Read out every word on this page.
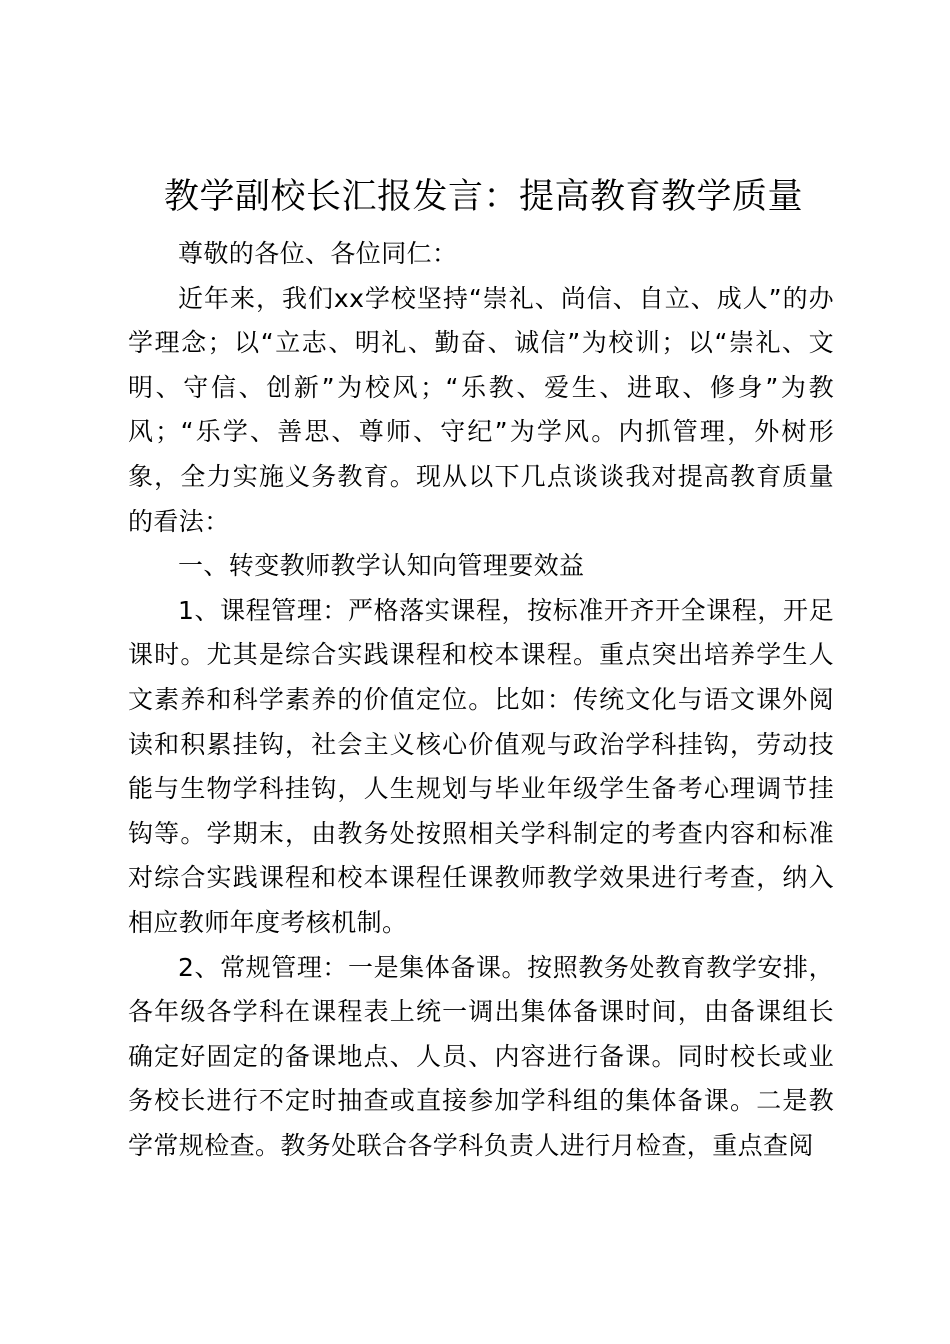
教学副校长汇报发言：提高教育教学质量

尊敬的各位、各位同仁：

近年来，我们xx学校坚持“崇礼、尚信、自立、成人”的办学理念；以“立志、明礼、勤奋、诚信”为校训；以“崇礼、文明、守信、创新”为校风；“乐教、爱生、进取、修身”为教风；“乐学、善思、尊师、守纪”为学风。内抓管理，外树形象，全力实施义务教育。现从以下几点谈谈我对提高教育质量的看法：

一、转变教师教学认知向管理要效益

1、课程管理：严格落实课程，按标准开齐开全课程，开足课时。尤其是综合实践课程和校本课程。重点突出培养学生人文素养和科学素养的价值定位。比如：传统文化与语文课外阅读和积累挂钩，社会主义核心价值观与政治学科挂钩，劳动技能与生物学科挂钩，人生规划与毕业年级学生备考心理调节挂钩等。学期末，由教务处按照相关学科制定的考查内容和标准对综合实践课程和校本课程任课教师教学效果进行考查，纳入相应教师年度考核机制。

2、常规管理：一是集体备课。按照教务处教育教学安排，各年级各学科在课程表上统一调出集体备课时间，由备课组长确定好固定的备课地点、人员、内容进行备课。同时校长或业务校长进行不定时抽查或直接参加学科组的集体备课。二是教学常规检查。教务处联合各学科负责人进行月检查，重点查阅
